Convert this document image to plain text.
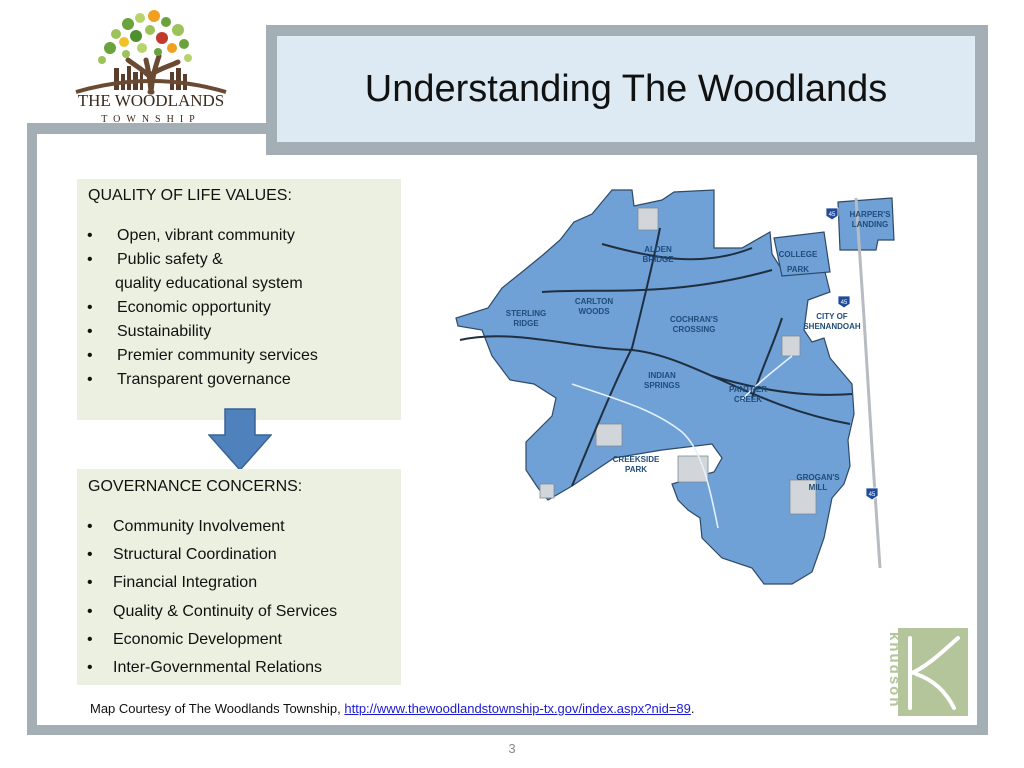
Understanding The Woodlands
THE WOODLANDS
TOWNSHIP
QUALITY OF LIFE VALUES:
• Open, vibrant community
• Public safety &
quality educational system
• Economic opportunity
• Sustainability
• Premier community services
• Transparent governance
GOVERNANCE CONCERNS:
• Community Involvement
• Structural Coordination
• Financial Integration
• Quality & Continuity of Services
• Economic Development
• Inter-Governmental Relations
HARPER'S
LANDING
COLLEGE
PARK
ALDEN
BRIDGE
CARLTON
WOODS
STERLING
RIDGE	COCHRAN'S
CROSSING
CITY OF
SHENANDOAH
INDIAN
SPRINGS	PANTHER
CREEK
CREEKSIDE
PARK
GROGAN'S
MILL
45
45
45
knudson
Map Courtesy of The Woodlands Township, http://www.thewoodlandstownship-tx.gov/index.aspx?nid=89.
3
